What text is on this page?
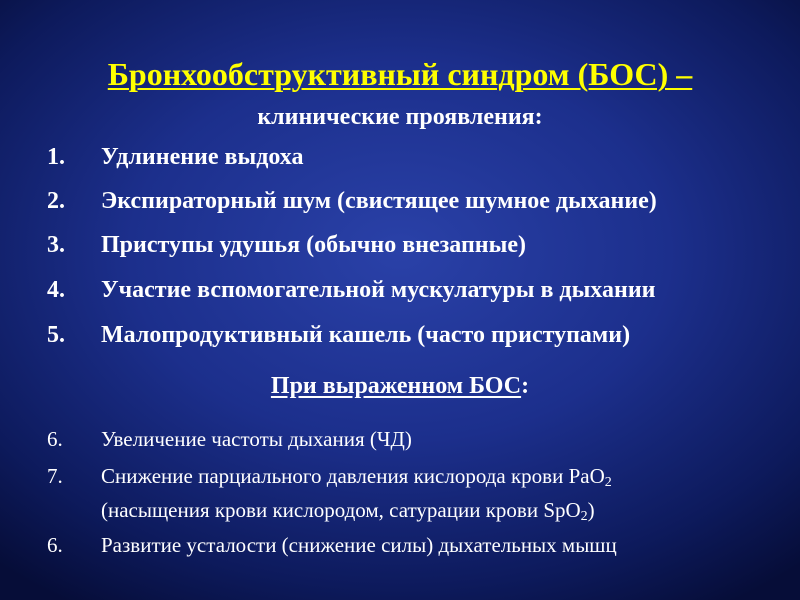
Бронхообструктивный синдром (БОС) –
клинические проявления:
1. Удлинение выдоха
2. Экспираторный шум (свистящее шумное дыхание)
3. Приступы удушья (обычно внезапные)
4. Участие вспомогательной мускулатуры в дыхании
5. Малопродуктивный кашель (часто приступами)
При выраженном БОС:
6. Увеличение частоты дыхания (ЧД)
7. Снижение парциального давления кислорода крови PaO$_2$
(насыщения крови кислородом, сатурации крови SpO$_2$)
6. Развитие усталости (снижение силы) дыхательных мышц
